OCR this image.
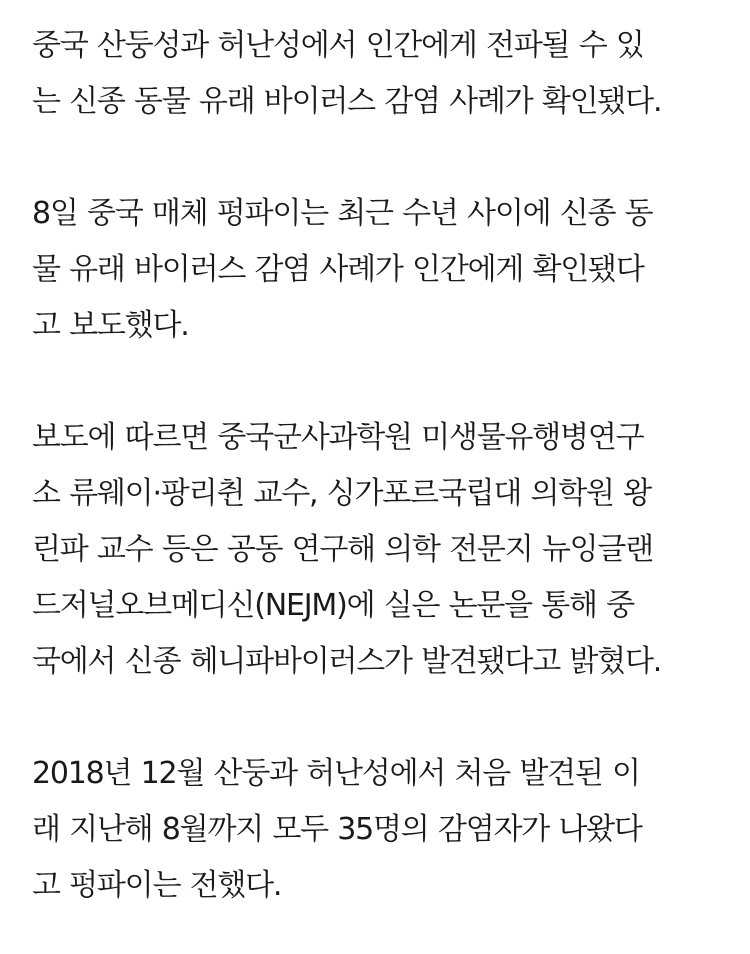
중국 산둥성과 허난성에서 인간에게 전파될 수 있
는 신종 동물 유래 바이러스 감염 사례가 확인됐다.

8일 중국 매체 펑파이는 최근 수년 사이에 신종 동
물 유래 바이러스 감염 사례가 인간에게 확인됐다
고 보도했다.

보도에 따르면 중국군사과학원 미생물유행병연구
소 류웨이·팡리췬 교수, 싱가포르국립대 의학원 왕
린파 교수 등은 공동 연구해 의학 전문지 뉴잉글랜
드저널오브메디신(NEJM)에 실은 논문을 통해 중
국에서 신종 헤니파바이러스가 발견됐다고 밝혔다.

2018년 12월 산둥과 허난성에서 처음 발견된 이
래 지난해 8월까지 모두 35명의 감염자가 나왔다
고 펑파이는 전했다.
